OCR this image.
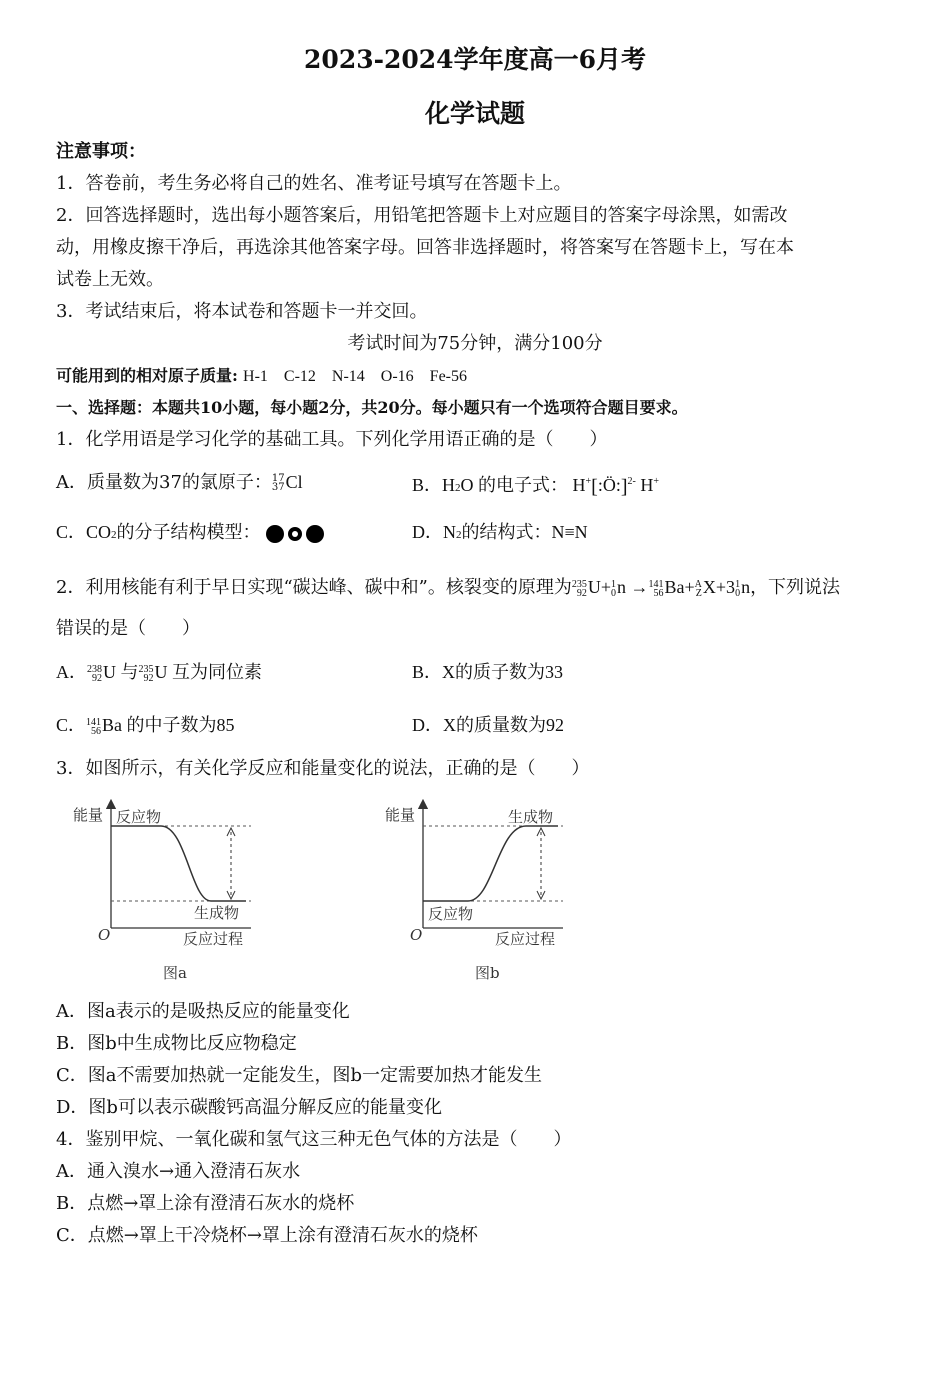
2023-2024学年度高一6月考
化学试题
注意事项：
1．答卷前，考生务必将自己的姓名、准考证号填写在答题卡上。
2．回答选择题时，选出每小题答案后，用铅笔把答题卡上对应题目的答案字母涂黑，如需改
动，用橡皮擦干净后，再选涂其他答案字母。回答非选择题时，将答案写在答题卡上，写在本
试卷上无效。
3．考试结束后，将本试卷和答题卡一并交回。
考试时间为75分钟，满分100分
可能用到的相对原子质量: H-1　C-12　N-14　O-16　Fe-56
一、选择题：本题共10小题，每小题2分，共20分。每小题只有一个选项符合题目要求。
1．化学用语是学习化学的基础工具。下列化学用语正确的是（　　）
A．质量数为37的氯原子： 17
37 Cl	B．H2O 的电子式： H+[:Ö:]$^{2-}$ H+
C．CO2的分子结构模型：	D．N2的结构式：N≡N
2．利用核能有利于早日实现“碳达峰、碳中和”。核裂变的原理为 235
92 U+ 1
0 n → 141
56 Ba+ A
Z X+3 1
0 n，下列说法
错误的是（　　）
A． 238
92 U 与 235
92 U 互为同位素	B．X的质子数为33
C． 141
56 Ba 的中子数为85	D．X的质量数为92
3．如图所示，有关化学反应和能量变化的说法，正确的是（　　）
能量 反应物
生成物
O	反应过程
图a
能量	生成物
反应物
O	反应过程
图b
A．图a表示的是吸热反应的能量变化
B．图b中生成物比反应物稳定
C．图a不需要加热就一定能发生，图b一定需要加热才能发生
D．图b可以表示碳酸钙高温分解反应的能量变化
4．鉴别甲烷、一氧化碳和氢气这三种无色气体的方法是（　　）
A．通入溴水→通入澄清石灰水
B．点燃→罩上涂有澄清石灰水的烧杯
C．点燃→罩上干冷烧杯→罩上涂有澄清石灰水的烧杯
